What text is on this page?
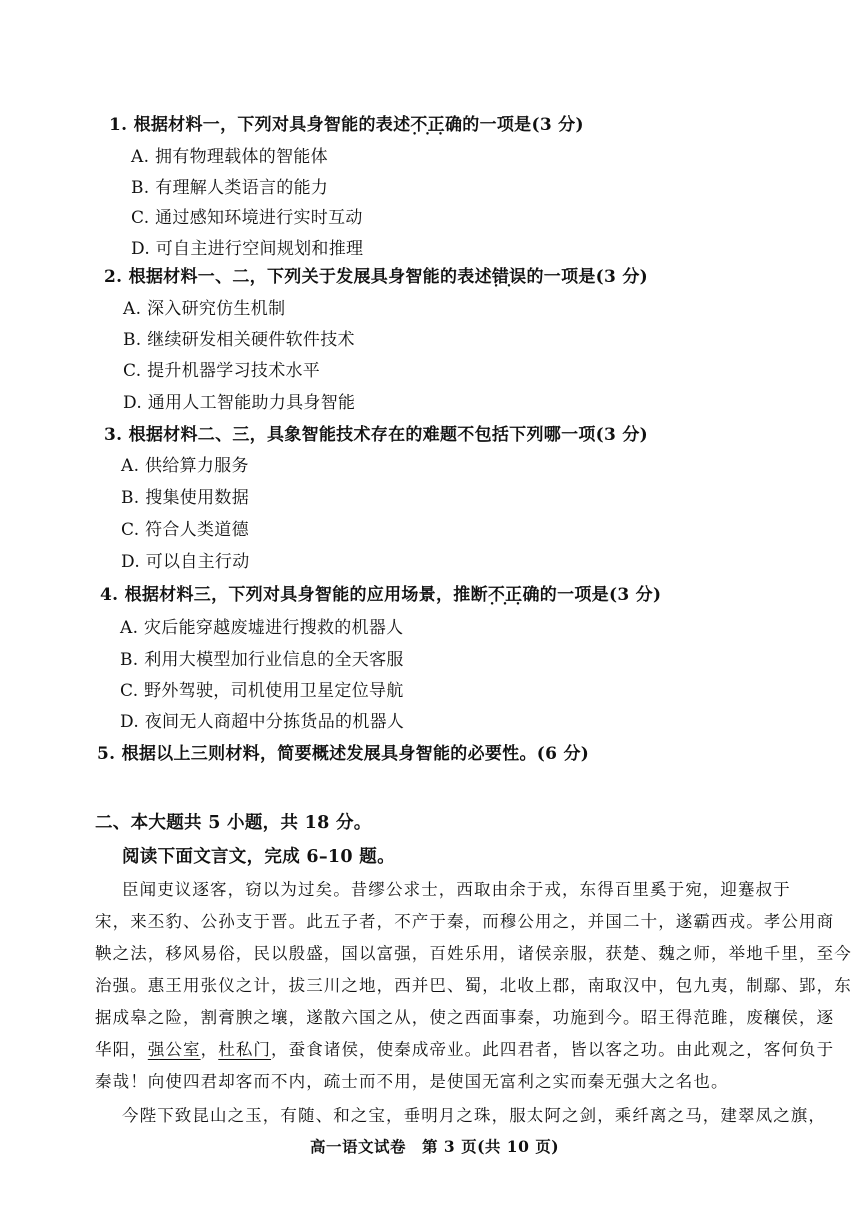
1. 根据材料一，下列对具身智能的表述不正确 • • •的一项是(3 分)
A. 拥有物理载体的智能体
B. 有理解人类语言的能力
C. 通过感知环境进行实时互动
D. 可自主进行空间规划和推理
2. 根据材料一、二，下列关于发展具身智能的表述错误 • •的一项是(3 分)
A. 深入研究仿生机制
B. 继续研发相关硬件软件技术
C. 提升机器学习技术水平
D. 通用人工智能助力具身智能
3. 根据材料二、三，具象智能技术存在的难题不包括下列哪一项(3 分)
A. 供给算力服务
B. 搜集使用数据
C. 符合人类道德
D. 可以自主行动
4. 根据材料三，下列对具身智能的应用场景，推断不正确 • • •的一项是(3 分)
A. 灾后能穿越废墟进行搜救的机器人
B. 利用大模型加行业信息的全天客服
C. 野外驾驶，司机使用卫星定位导航
D. 夜间无人商超中分拣货品的机器人
5. 根据以上三则材料，简要概述发展具身智能的必要性。(6 分)
二、本大题共 5 小题，共 18 分。
阅读下面文言文，完成 6–10 题。
臣闻吏议逐客，窃以为过矣。昔缪公求士，西取由余于戎，东得百里奚于宛，迎蹇叔于
宋，来丕豹、公孙支于晋。此五子者，不产于秦，而穆公用之，并国二十，遂霸西戎。孝公用商
鞅之法，移风易俗，民以殷盛，国以富强，百姓乐用，诸侯亲服，获楚、魏之师，举地千里，至今
治强。惠王用张仪之计，拔三川之地，西并巴、蜀，北收上郡，南取汉中，包九夷，制鄢、郢，东
据成皋之险，割膏腴之壤，遂散六国之从，使之西面事秦，功施到今。昭王得范雎，废穰侯，逐
华阳，强公室，杜私门，蚕食诸侯，使秦成帝业。此四君者，皆以客之功。由此观之，客何负于
秦哉！向使四君却客而不内，疏士而不用，是使国无富利之实而秦无强大之名也。
今陛下致昆山之玉，有随、和之宝，垂明月之珠，服太阿之剑，乘纤离之马，建翠凤之旗，
高一语文试卷　第 3 页(共 10 页)
